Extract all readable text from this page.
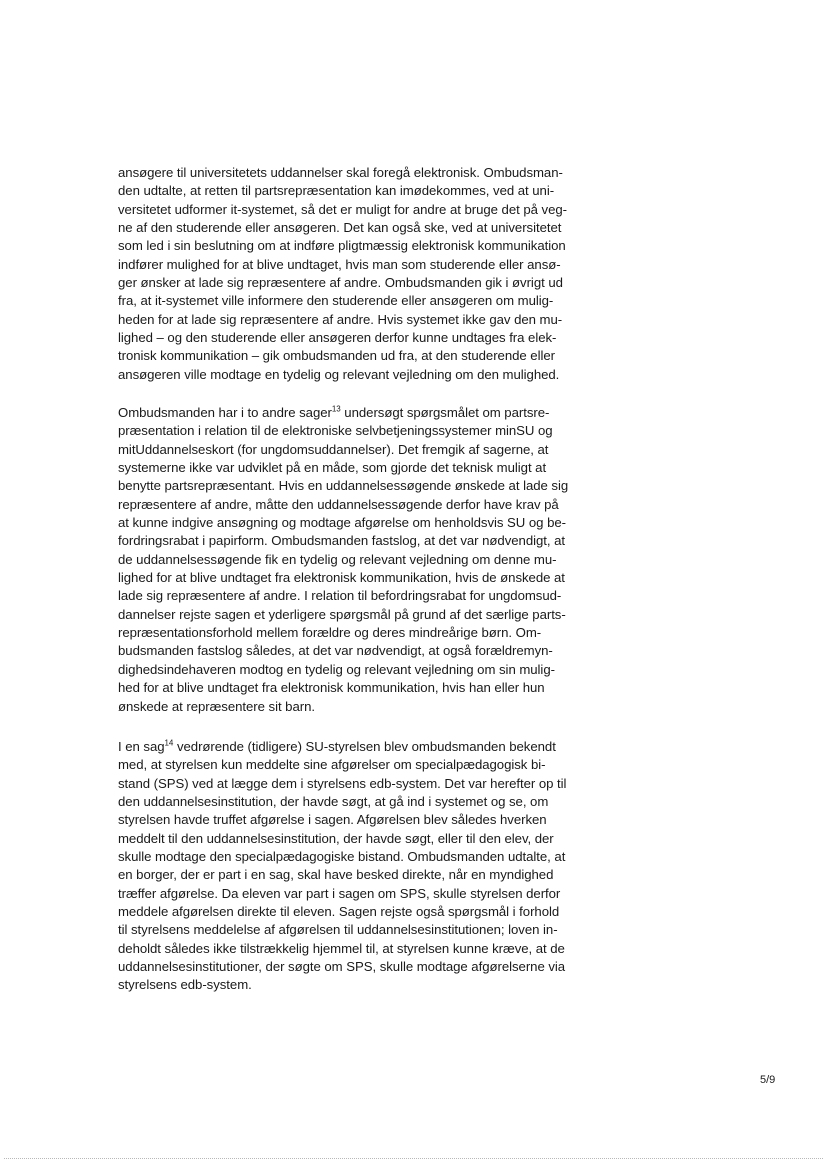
ansøgere til universitetets uddannelser skal foregå elektronisk. Ombudsman-
den udtalte, at retten til partsrepræsentation kan imødekommes, ved at uni-
versitetet udformer it-systemet, så det er muligt for andre at bruge det på veg-
ne af den studerende eller ansøgeren. Det kan også ske, ved at universitetet
som led i sin beslutning om at indføre pligtmæssig elektronisk kommunikation
indfører mulighed for at blive undtaget, hvis man som studerende eller ansø-
ger ønsker at lade sig repræsentere af andre. Ombudsmanden gik i øvrigt ud
fra, at it-systemet ville informere den studerende eller ansøgeren om mulig-
heden for at lade sig repræsentere af andre. Hvis systemet ikke gav den mu-
lighed – og den studerende eller ansøgeren derfor kunne undtages fra elek-
tronisk kommunikation – gik ombudsmanden ud fra, at den studerende eller
ansøgeren ville modtage en tydelig og relevant vejledning om den mulighed.
Ombudsmanden har i to andre sager$^{13}$ undersøgt spørgsmålet om partsre-
præsentation i relation til de elektroniske selvbetjeningssystemer minSU og
mitUddannelseskort (for ungdomsuddannelser). Det fremgik af sagerne, at
systemerne ikke var udviklet på en måde, som gjorde det teknisk muligt at
benytte partsrepræsentant. Hvis en uddannelsessøgende ønskede at lade sig
repræsentere af andre, måtte den uddannelsessøgende derfor have krav på
at kunne indgive ansøgning og modtage afgørelse om henholdsvis SU og be-
fordringsrabat i papirform. Ombudsmanden fastslog, at det var nødvendigt, at
de uddannelsessøgende fik en tydelig og relevant vejledning om denne mu-
lighed for at blive undtaget fra elektronisk kommunikation, hvis de ønskede at
lade sig repræsentere af andre. I relation til befordringsrabat for ungdomsud-
dannelser rejste sagen et yderligere spørgsmål på grund af det særlige parts-
repræsentationsforhold mellem forældre og deres mindreårige børn. Om-
budsmanden fastslog således, at det var nødvendigt, at også forældremyn-
dighedsindehaveren modtog en tydelig og relevant vejledning om sin mulig-
hed for at blive undtaget fra elektronisk kommunikation, hvis han eller hun
ønskede at repræsentere sit barn.
I en sag$^{14}$ vedrørende (tidligere) SU-styrelsen blev ombudsmanden bekendt
med, at styrelsen kun meddelte sine afgørelser om specialpædagogisk bi-
stand (SPS) ved at lægge dem i styrelsens edb-system. Det var herefter op til
den uddannelsesinstitution, der havde søgt, at gå ind i systemet og se, om
styrelsen havde truffet afgørelse i sagen. Afgørelsen blev således hverken
meddelt til den uddannelsesinstitution, der havde søgt, eller til den elev, der
skulle modtage den specialpædagogiske bistand. Ombudsmanden udtalte, at
en borger, der er part i en sag, skal have besked direkte, når en myndighed
træffer afgørelse. Da eleven var part i sagen om SPS, skulle styrelsen derfor
meddele afgørelsen direkte til eleven. Sagen rejste også spørgsmål i forhold
til styrelsens meddelelse af afgørelsen til uddannelsesinstitutionen; loven in-
deholdt således ikke tilstrækkelig hjemmel til, at styrelsen kunne kræve, at de
uddannelsesinstitutioner, der søgte om SPS, skulle modtage afgørelserne via
styrelsens edb-system.
5/9
